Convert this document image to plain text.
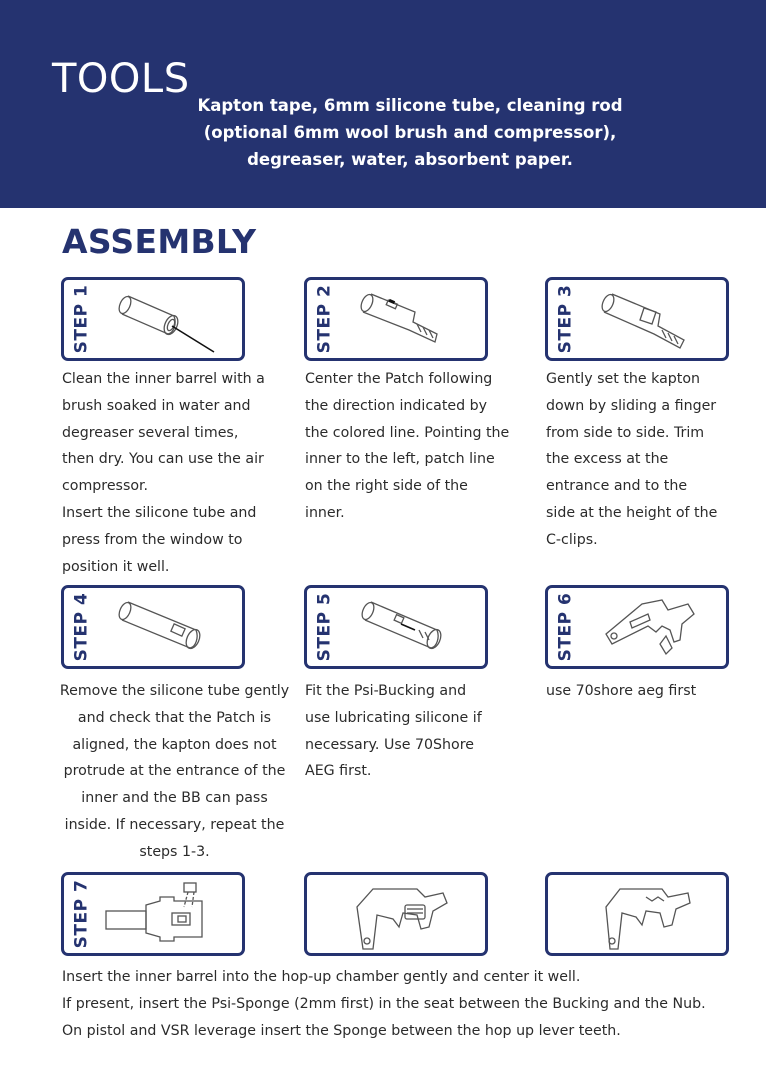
TOOLS
Kapton tape, 6mm silicone tube, cleaning rod
(optional 6mm wool brush and compressor),
degreaser, water, absorbent paper.
ASSEMBLY
STEP 1	STEP 2	STEP 3

Clean the inner barrel with a

brush soaked in water and

degreaser several times,

then dry. You can use the air

compressor.

Insert the silicone tube and

press from the window to

position it well.

Center the Patch following

the direction indicated by

the colored line. Pointing the

inner to the left, patch line

on the right side of the

inner.

Gently set the kapton

down by sliding a finger

from side to side. Trim

the excess at the

entrance and to the

side at the height of the

C-clips.

STEP 4	STEP 5	STEP 6

Remove the silicone tube gently

and check that the Patch is

aligned, the kapton does not

protrude at the entrance of the

inner and the BB can pass

inside. If necessary, repeat the

steps 1-3.

Fit the Psi-Bucking and

use lubricating silicone if

necessary. Use 70Shore

AEG first.

use 70shore aeg first

STEP 7

Insert the inner barrel into the hop-up chamber gently and center it well.

If present, insert the Psi-Sponge (2mm first) in the seat between the Bucking and the Nub.

On pistol and VSR leverage insert the Sponge between the hop up lever teeth.
